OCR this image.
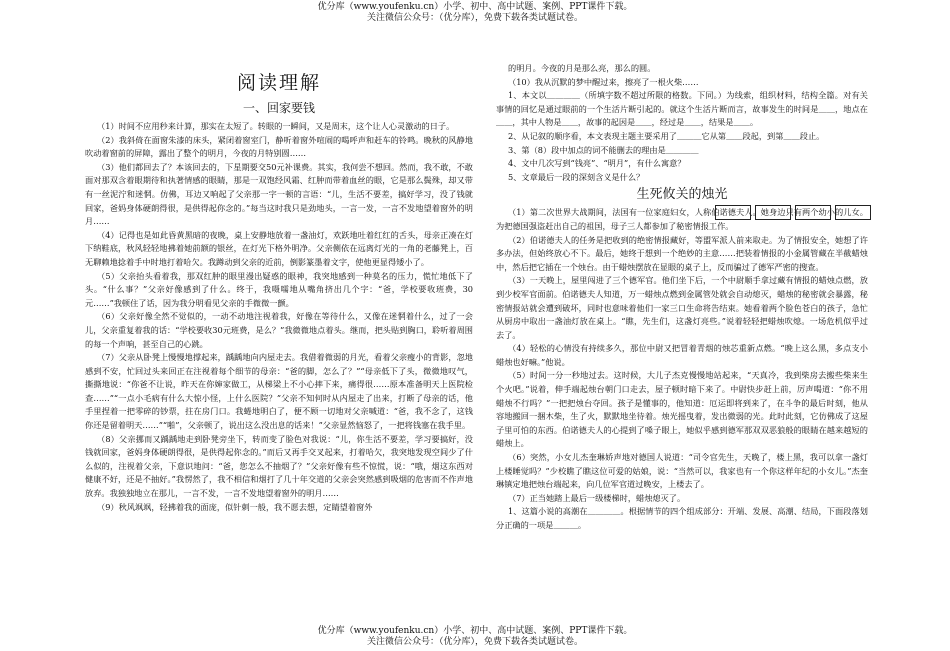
优分库（www.youfenku.cn）小学、初中、高中试题、案例、PPT课件下载。
关注微信公众号：（优分库），免费下载各类试题试卷。
阅读理解
一、回家要钱

（1）时间不应用秒来计算，那实在太短了。转眼的一瞬间，又是周末，这个让人心灵激动的日子。

（2）我斜倚在面窗朱漆的床头，紧闭着窗室门，静听着窗外喧闹的喝呼声和赶车的铃鸣。晚秋的风静地吹动着窗前的屏障，露出了整个的明月，今夜的月特别圆……

（3）他们都回去了？本该回去的，下星期要交50元补课费。其实，我何尝不想回。然而，我不敢，不敢面对那双含着眼期待和执著情感的眼睛，那是一双饱经风霜、红肿而带着血丝的眼，它是那么鬓殊，却又带有一丝泥泞和迷惘。仿佛，耳边又响起了父亲那一字一顿的言语：“儿，生活不要差，搞好学习，没了钱就回家，爸妈身体硬朗得很，是供得起你念的。”每当这时我只是劲地头，一言一发，一言不发地望着窗外的明月……

（4）记得也是如此昏黄黑暗的夜晚，桌上安静地放着一盏油灯，欢跃地吐着红红的舌头，母亲正凑在灯下纳鞋底，秋风轻轻地拂着她前额的银丝，在灯光下格外明净。父亲侧依在远离灯光的一角的老藤凳上，百无聊赖地捻着手中时地打着哈欠。我蹲动到父亲的近前，倒影篆墨着文字，使他更显得矮小了。

（5）父亲抬头看着我，那双红肿的眼里漫出疑惑的眼神，我突地感到一种莫名的压力，慌忙地低下了头。“什么事？”父亲好像感到了什么。终于，我嗫嚅地从嘴角挤出几个字：“爸，学校要收班费，30元……”我顿住了话，因为我分明看见父亲的手微微一颤。

（6）父亲好像全然不觉似的，一动不动地注视着我，好像在等待什么，又像在迷惘着什么，过了一会儿，父亲重复着我的话：“学校要收30元班费，是么？”我微微地点着头。继而，把头贴到胸口，聆听着周围的每一个声响，甚至自己的心跳。

（7）父亲从卧凳上慢慢地撑起来，踽踽地向内屋走去。我借着微弱的月光，看着父亲瘦小的背影，忽地感到不安，忙回过头来回正在注视着每个细节的母亲：“爸的脚，怎么了？”“母亲低下了头，微微地叹气，撕撕地说：“你爸不让说，昨天在你婶家做工，从梯梁上不小心摔下来，痛得很……原本准备明天上医院检查……”“一点小毛病有什么大惊小怪，上什么医院？”父亲不知何时从内屋走了出来，打断了母亲的话，他手里捏着一把零碎的钞票，拄在房门口。我蜷地明白了，便不顾一切地对父亲喊道：“爸，我不念了，这钱你还是留着明天……”“啪”，父亲顿了，说出这么没出息的话来！”父亲显然恼怒了，一把将钱塞在我手里。

（8）父亲挪而又踽踽地走到卧凳旁坐下，转而变了脸色对我说：“儿，你生活不要差，学习要搞好，没钱就回家，爸妈身体硬朗得很，是供得起你念的。”而后又再手交叉起来，打着哈欠，我突地发现空间少了什么似的，注视着父亲，下意识地问：“爸，您怎么不抽烟了？”父亲好像有些不惊慌，说：“哦，烟这东西对健康不好，还是不抽好。”我愣然了，我不相信和烟打了几十年交道的父亲会突然感到吸烟的危害而不作声地放弃。我独独地立在那儿，一言不发，一言不发地望着窗外的明月……

（9）秋风飒飒，轻拂着我的面庞，似针刺一般，我不愿去想，定睛望着窗外

的明月。今夜的月是那么亮，那么的圆。

（10）我从沉默的梦中醒过来，擦亮了一根火柴……

1、本文以＿＿＿＿（所填字数不超过所限的格数。下同。）为线索，组织材料，结构全篇。对有关事情的回忆是通过眼前的一个生活片断引起的。就这个生活片断而言，故事发生的时间是＿＿，地点在＿＿，其中人物是＿＿，故事的起因是＿＿，经过是＿＿，结果是＿＿。

2、从记叙的顺序看，本文表现主题主要采用了＿＿＿它从第＿＿段起，到第＿＿段止。

3、第（8）段中加点的词不能删去的理由是＿＿＿＿

4、文中几次写到“钱亮”、“明月”，有什么寓意？

5、文章最后一段的深刻含义是什么？

生死攸关的烛光

（1）第二次世界大战期间，法国有一位家庭妇女，人称伯诺德夫人。她身边只有两个幼小的儿女。为把德国强盗赶出自己的祖国，母子三人都参加了秘密情报工作。

（2）伯诺德夫人的任务是把收到的绝密情报藏好，等盟军派人前来取走。为了情报安全，她想了许多办法，但始终放心不下。最后，她终于想到一个绝妙的主意……把装着情报的小金属管藏在半截蜡烛中，然后把它插在一个烛台。由于蜡烛摆放在显眼的桌子上，反而骗过了德军严密的搜查。

（3）一天晚上，屋里闯进了三个德军官。他们坐下后，一个中尉顺手拿过藏有情报的蜡烛点燃，放到少校军官面前。伯诺德夫人知道，万一蜡烛点燃到金属管处就会自动熄灭，蜡烛的秘密就会暴露，秘密情报站就会遭到破坏，同时也意味着他们一家三口生命将告结束。她看着两个脸色苍白的孩子，急忙从厨房中取出一盏油灯放在桌上。“瞧，先生们，这盏灯亮些。”说着轻轻把蜡烛吹熄。一场危机似乎过去了。

（4）轻松的心情没有持续多久，那位中尉又把冒着青烟的烛芯重新点燃。“晚上这么黑，多点支小蜡烛也好嘛。”他说。

（5）时间一分一秒地过去。这时候，大儿子杰克慢慢地站起来，“天真冷，我到柴房去搬些柴来生个火吧。”说着，伸手端起烛台朝门口走去，屋子顿时暗下来了。中尉快步赶上前，厉声喝道：“你不用蜡烛不行吗？”一把把烛台夺回。孩子是懂事的，他知道：厄运即将到来了，在斗争的最后时刻，他从容地搬回一捆木柴，生了火，默默地坐待着。烛光摇曳着，发出微弱的光。此时此刻，它仿佛成了这屋子里可怕的东西。伯诺德夫人的心提到了嗓子眼上，她似乎感到德军那双双恶狼般的眼睛在越来越短的蜡烛上。

（6）突然，小女儿杰奎琳娇声地对德国人说道：“司令官先生，天晚了，楼上黑，我可以拿一盏灯上楼睡觉吗？”少校瞧了瞧这位可爱的姑娘，说：“当然可以，我家也有一个你这样年纪的小女儿。”杰奎琳镇定地把烛台端起来，向几位军官道过晚安，上楼去了。

（7）正当她踏上最后一级楼梯时，蜡烛熄灭了。

1、这篇小说的高潮在＿＿＿＿。根据情节的四个组成部分：开端、发展、高潮、结局，下面段落划分正确的一项是＿＿＿。

优分库（www.youfenku.cn）小学、初中、高中试题、案例、PPT课件下载。
关注微信公众号：（优分库），免费下载各类试题试卷。
